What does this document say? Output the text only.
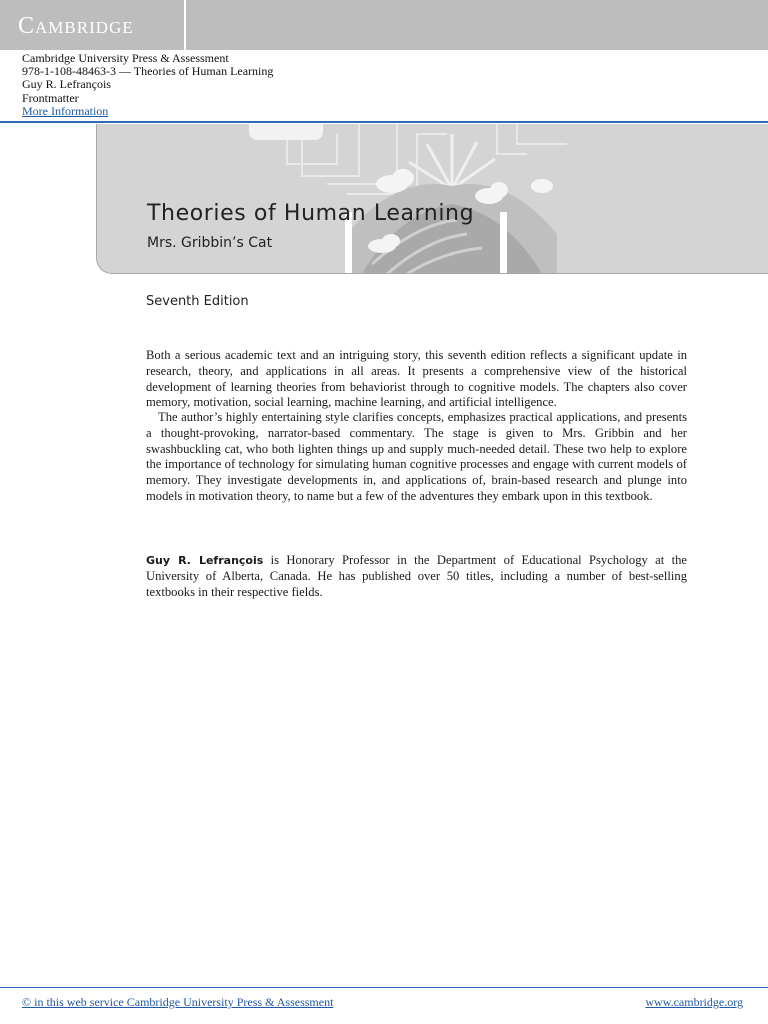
Cambridge
Cambridge University Press & Assessment
978-1-108-48463-3 — Theories of Human Learning
Guy R. Lefrançois
Frontmatter
More Information
Theories of Human Learning
Mrs. Gribbin’s Cat
Seventh Edition

Both a serious academic text and an intriguing story, this seventh edition reflects a significant update in research, theory, and applications in all areas. It presents a comprehensive view of the historical development of learning theories from behaviorist through to cognitive models. The chapters also cover memory, motivation, social learning, machine learning, and artificial intelligence.

The author’s highly entertaining style clarifies concepts, emphasizes practical applications, and presents a thought-provoking, narrator-based commentary. The stage is given to Mrs. Gribbin and her swashbuckling cat, who both lighten things up and supply much-needed detail. These two help to explore the importance of technology for simulating human cognitive processes and engage with current models of memory. They investigate developments in, and applications of, brain-based research and plunge into models in motivation theory, to name but a few of the adventures they embark upon in this textbook.

Guy R. Lefrançois is Honorary Professor in the Department of Educational Psychology at the University of Alberta, Canada. He has published over 50 titles, including a number of best-selling textbooks in their respective fields.

© in this web service Cambridge University Press & Assessment	www.cambridge.org
